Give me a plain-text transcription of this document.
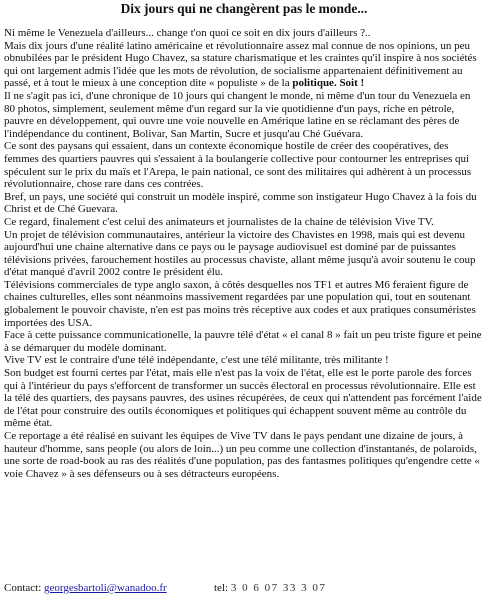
Dix jours qui ne changèrent pas le monde...

Ni même le Venezuela d'ailleurs... change t'on quoi ce soit en dix jours d'ailleurs ?..

Mais dix jours d'une réalité latino américaine et révolutionnaire assez mal connue de nos opinions, un peu obnubilées par le président Hugo Chavez, sa stature charismatique et les craintes qu'il inspire à nos sociétés qui ont largement admis l'idée que les mots de révolution, de socialisme appartenaient définitivement au passé, et à tout le mieux à une conception dite « populiste » de la politique. Soit !

Il ne s'agit pas ici, d'une chronique de 10 jours qui changent le monde, ni même d'un tour du Venezuela en 80 photos, simplement, seulement même d'un regard sur la vie quotidienne d'un pays, riche en pétrole, pauvre en développement, qui ouvre une voie nouvelle en Amérique latine en se réclamant des pères de l'indépendance du continent, Bolivar, San Martin, Sucre et jusqu'au Ché Guévara.

Ce sont des paysans qui essaient, dans un contexte économique hostile de créer des coopératives, des femmes des quartiers pauvres qui s'essaient à la boulangerie collective pour contourner les entreprises qui spéculent sur le prix du maïs et l'Arepa, le pain national, ce sont des militaires qui adhèrent à un processus révolutionnaire, chose rare dans ces contrées.

Bref, un pays, une société qui construit un modèle inspiré, comme son instigateur Hugo Chavez à la fois du Christ et de Ché Guevara.

Ce regard, finalement c'est celui des animateurs et journalistes de la chaine de télévision Vive TV.

Un projet de télévision communautaires, antérieur la victoire des Chavistes en 1998, mais qui est devenu aujourd'hui une chaine alternative dans ce pays ou le paysage audiovisuel est dominé par de puissantes télévisions privées, farouchement hostiles au processus chaviste, allant même jusqu'à avoir soutenu le coup d'état manqué d'avril 2002 contre le président élu.

Télévisions commerciales de type anglo saxon, à côtés desquelles nos TF1 et autres M6 feraient figure de chaines culturelles, elles sont néanmoins massivement regardées par une population qui, tout en soutenant globalement le pouvoir chaviste, n'en est pas moins très réceptive aux codes et aux pratiques consuméristes importées des USA.

Face à cette puissance communicationelle, la pauvre télé d'état « el canal 8 » fait un peu triste figure et peine à se démarquer du modèle dominant.

Vive TV est le contraire d'une télé indépendante, c'est une télé militante, très militante !

Son budget est fourni certes par l'état, mais elle n'est pas la voix de l'état, elle est le porte parole des forces qui à l'intérieur du pays s'efforcent de transformer un succès électoral en processus révolutionnaire. Elle est la télé des quartiers, des paysans pauvres, des usines récupérées, de ceux qui n'attendent pas forcément l'aide de l'état pour construire des outils économiques et politiques qui échappent souvent même au contrôle du même état.

Ce reportage a été réalisé en suivant les équipes de Vive TV dans le pays pendant une dizaine de jours, à hauteur d'homme, sans people (ou alors de loin...) un peu comme une collection d'instantanés, de polaroids, une sorte de road-book au ras des réalités d'une population, pas des fantasmes politiques qu'engendre cette « voie Chavez » à ses défenseurs ou à ses détracteurs européens.

Contact: georgesbartoli@wanadoo.fr	tel: 3 0 6 07 33 3 07
